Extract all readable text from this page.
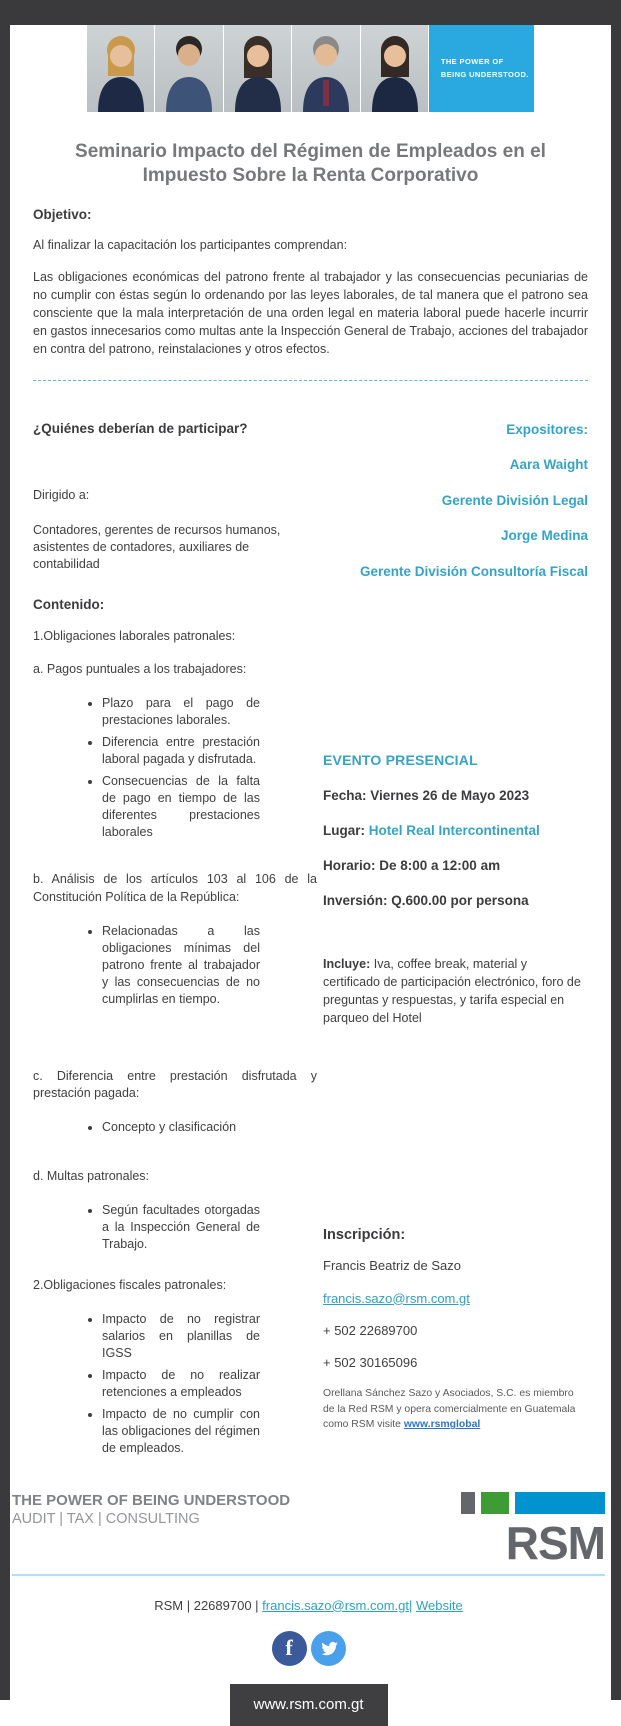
THE POWER OF
BEING UNDERSTOOD.
Seminario Impacto del Régimen de Empleados en el Impuesto Sobre la Renta Corporativo
Objetivo:
Al finalizar la capacitación los participantes comprendan:
Las obligaciones económicas del patrono frente al trabajador y las consecuencias pecuniarias de no cumplir con éstas según lo ordenando por las leyes laborales, de tal manera que el patrono sea consciente que la mala interpretación de una orden legal en materia laboral puede hacerle incurrir en gastos innecesarios como multas ante la Inspección General de Trabajo, acciones del trabajador en contra del patrono, reinstalaciones y otros efectos.
¿Quiénes deberían de participar?
Dirigido a:
Contadores, gerentes de recursos humanos, asistentes de contadores, auxiliares de contabilidad
Contenido:
1.Obligaciones laborales patronales:
a. Pagos puntuales a los trabajadores:
• Plazo para el pago de prestaciones laborales.
• Diferencia entre prestación laboral pagada y disfrutada.
• Consecuencias de la falta de pago en tiempo de las diferentes prestaciones laborales
b. Análisis de los artículos 103 al 106 de la Constitución Política de la República:
• Relacionadas a las obligaciones mínimas del patrono frente al trabajador y las consecuencias de no cumplirlas en tiempo.
c. Diferencia entre prestación disfrutada y prestación pagada:
• Concepto y clasificación
d. Multas patronales:
• Según facultades otorgadas a la Inspección General de Trabajo.
2.Obligaciones fiscales patronales:
• Impacto de no registrar salarios en planillas de IGSS
• Impacto de no realizar retenciones a empleados
• Impacto de no cumplir con las obligaciones del régimen de empleados.
Expositores:
Aara Waight
Gerente División Legal
Jorge Medina
Gerente División Consultoría Fiscal
EVENTO PRESENCIAL
Fecha: Viernes 26 de Mayo 2023
Lugar: Hotel Real Intercontinental
Horario: De 8:00 a 12:00 am
Inversión: Q.600.00 por persona
Incluye: Iva, coffee break, material y certificado de participación electrónico, foro de preguntas y respuestas, y tarifa especial en parqueo del Hotel
Inscripción:
Francis Beatriz de Sazo
francis.sazo@rsm.com.gt
+ 502 22689700
+ 502 30165096
Orellana Sánchez Sazo y Asociados, S.C. es miembro de la Red RSM y opera comercialmente en Guatemala como RSM visite www.rsmglobal
THE POWER OF BEING UNDERSTOOD
AUDIT | TAX | CONSULTING	RSM
RSM | 22689700 | francis.sazo@rsm.com.gt| Website
f
www.rsm.com.gt
